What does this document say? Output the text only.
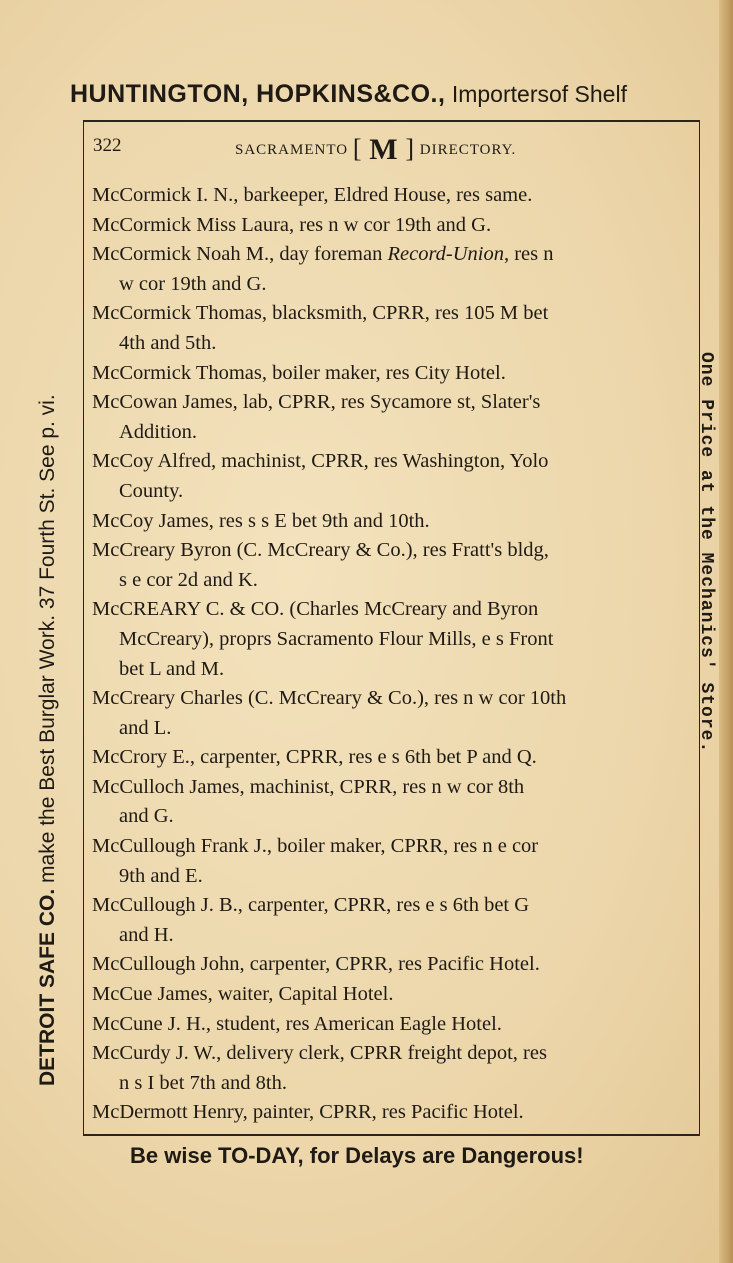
HUNTINGTON, HOPKINS&CO., Importersof Shelf
322	SACRAMENTO [ M ] DIRECTORY.
McCormick I. N., barkeeper, Eldred House, res same.
McCormick Miss Laura, res n w cor 19th and G.
McCormick Noah M., day foreman Record-Union, res n
w cor 19th and G.
McCormick Thomas, blacksmith, CPRR, res 105 M bet
4th and 5th.
McCormick Thomas, boiler maker, res City Hotel.
McCowan James, lab, CPRR, res Sycamore st, Slater's
Addition.
McCoy Alfred, machinist, CPRR, res Washington, Yolo
County.
McCoy James, res s s E bet 9th and 10th.
McCreary Byron (C. McCreary & Co.), res Fratt's bldg,
s e cor 2d and K.
McCREARY C. & CO. (Charles McCreary and Byron
McCreary), proprs Sacramento Flour Mills, e s Front
bet L and M.
McCreary Charles (C. McCreary & Co.), res n w cor 10th
and L.
McCrory E., carpenter, CPRR, res e s 6th bet P and Q.
McCulloch James, machinist, CPRR, res n w cor 8th
and G.
McCullough Frank J., boiler maker, CPRR, res n e cor
9th and E.
McCullough J. B., carpenter, CPRR, res e s 6th bet G
and H.
McCullough John, carpenter, CPRR, res Pacific Hotel.
McCue James, waiter, Capital Hotel.
McCune J. H., student, res American Eagle Hotel.
McCurdy J. W., delivery clerk, CPRR freight depot, res
n s I bet 7th and 8th.
McDermott Henry, painter, CPRR, res Pacific Hotel.
DETROIT SAFE CO. make the Best Burglar Work. 37 Fourth St. See p. vi.	One Price at the Mechanics' Store.
Be wise TO-DAY, for Delays are Dangerous!
